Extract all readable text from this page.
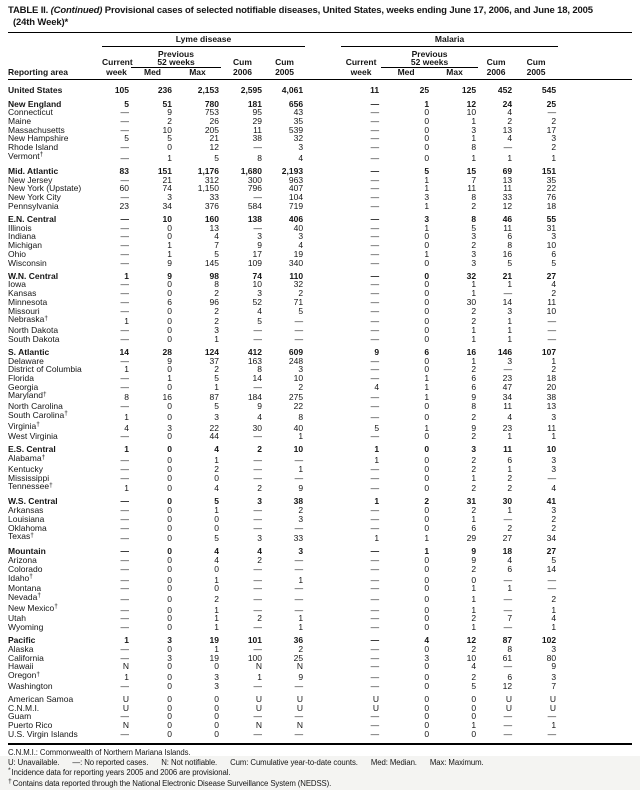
TABLE II. (Continued) Provisional cases of selected notifiable diseases, United States, weeks ending June 17, 2006, and June 18, 2005
(24th Week)*
	Lyme disease						Malaria					
		Previous						Previous				
	Current	52 weeks		Cum	Cum		Current	52 weeks		Cum	Cum	
Reporting area	week	Med	Max	2006	2005		week	Med	Max	2006	2005	
United States	105	236	2,153	2,595	4,061		11	25	125	452	545	
New England	5	51	780	181	656		—	1	12	24	25	
Connecticut	—	9	753	95	43		—	0	10	4	—	
Maine	—	2	26	29	35		—	0	1	2	2	
Massachusetts	—	10	205	11	539		—	0	3	13	17	
New Hampshire	5	5	21	38	32		—	0	1	4	3	
Rhode Island	—	0	12	—	3		—	0	8	—	2	
Vermont†	—	1	5	8	4		—	0	1	1	1	
Mid. Atlantic	83	151	1,176	1,680	2,193		—	5	15	69	151	
New Jersey	—	21	312	300	963		—	1	7	13	35	
New York (Upstate)	60	74	1,150	796	407		—	1	11	11	22	
New York City	—	3	33	—	104		—	3	8	33	76	
Pennsylvania	23	34	376	584	719		—	1	2	12	18	
E.N. Central	—	10	160	138	406		—	3	8	46	55	
Illinois	—	0	13	—	40		—	1	5	11	31	
Indiana	—	0	4	3	3		—	0	3	6	3	
Michigan	—	1	7	9	4		—	0	2	8	10	
Ohio	—	1	5	17	19		—	1	3	16	6	
Wisconsin	—	9	145	109	340		—	0	3	5	5	
W.N. Central	1	9	98	74	110		—	0	32	21	27	
Iowa	—	0	8	10	32		—	0	1	1	4	
Kansas	—	0	2	3	2		—	0	1	—	2	
Minnesota	—	6	96	52	71		—	0	30	14	11	
Missouri	—	0	2	4	5		—	0	2	3	10	
Nebraska†	1	0	2	5	—		—	0	2	1	—	
North Dakota	—	0	3	—	—		—	0	1	1	—	
South Dakota	—	0	1	—	—		—	0	1	1	—	
S. Atlantic	14	28	124	412	609		9	6	16	146	107	
Delaware	—	9	37	163	248		—	0	1	3	1	
District of Columbia	1	0	2	8	3		—	0	2	—	2	
Florida	—	1	5	14	10		—	1	6	23	18	
Georgia	—	0	1	—	2		4	1	6	47	20	
Maryland†	8	16	87	184	275		—	1	9	34	38	
North Carolina	—	0	5	9	22		—	0	8	11	13	
South Carolina†	1	0	3	4	8		—	0	2	4	3	
Virginia†	4	3	22	30	40		5	1	9	23	11	
West Virginia	—	0	44	—	1		—	0	2	1	1	
E.S. Central	1	0	4	2	10		1	0	3	11	10	
Alabama†	—	0	1	—	—		1	0	2	6	3	
Kentucky	—	0	2	—	1		—	0	2	1	3	
Mississippi	—	0	0	—	—		—	0	1	2	—	
Tennessee†	1	0	4	2	9		—	0	2	2	4	
W.S. Central	—	0	5	3	38		1	2	31	30	41	
Arkansas	—	0	1	—	2		—	0	2	1	3	
Louisiana	—	0	0	—	3		—	0	1	—	2	
Oklahoma	—	0	0	—	—		—	0	6	2	2	
Texas†	—	0	5	3	33		1	1	29	27	34	
Mountain	—	0	4	4	3		—	1	9	18	27	
Arizona	—	0	4	2	—		—	0	9	4	5	
Colorado	—	0	0	—	—		—	0	2	6	14	
Idaho†	—	0	1	—	1		—	0	0	—	—	
Montana	—	0	0	—	—		—	0	1	1	—	
Nevada†	—	0	2	—	—		—	0	1	—	2	
New Mexico†	—	0	1	—	—		—	0	1	—	1	
Utah	—	0	1	2	1		—	0	2	7	4	
Wyoming	—	0	1	—	1		—	0	1	—	1	
Pacific	1	3	19	101	36		—	4	12	87	102	
Alaska	—	0	1	—	2		—	0	2	8	3	
California	—	3	19	100	25		—	3	10	61	80	
Hawaii	N	0	0	N	N		—	0	4	—	9	
Oregon†	1	0	3	1	9		—	0	2	6	3	
Washington	—	0	3	—	—		—	0	5	12	7	
American Samoa	U	0	0	U	U		U	0	0	U	U	
C.N.M.I.	U	0	0	U	U		U	0	0	U	U	
Guam	—	0	0	—	—		—	0	0	—	—	
Puerto Rico	N	0	0	N	N		—	0	1	—	1	
U.S. Virgin Islands	—	0	0	—	—		—	0	0	—	—	
C.N.M.I.: Commonwealth of Northern Mariana Islands.
U: Unavailable. —: No reported cases. N: Not notifiable. Cum: Cumulative year-to-date counts. Med: Median. Max: Maximum.
*Incidence data for reporting years 2005 and 2006 are provisional.
†Contains data reported through the National Electronic Disease Surveillance System (NEDSS).
